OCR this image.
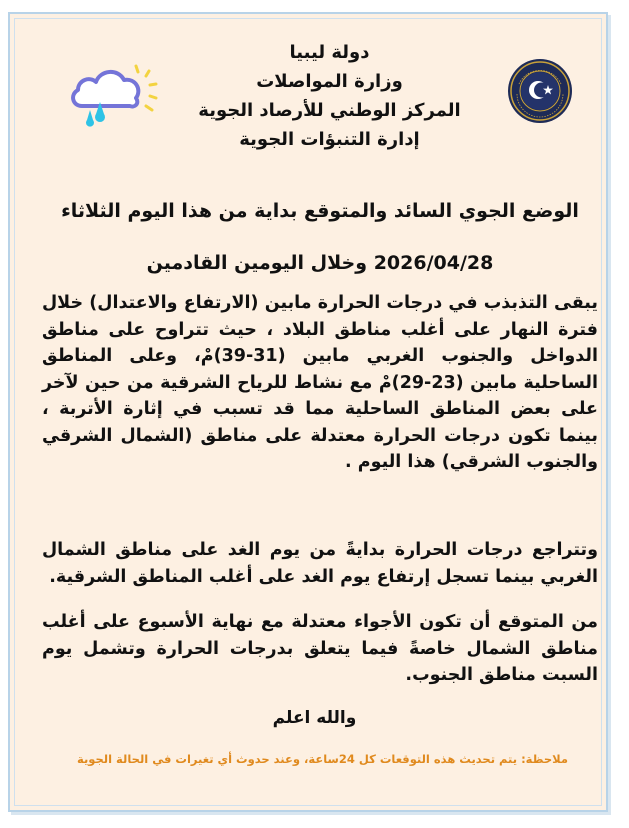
دولة ليبيا
وزارة المواصلات
المركز الوطني للأرصاد الجوية
إدارة التنبؤات الجوية
الوضع الجوي السائد والمتوقع بداية من هذا اليوم الثلاثاء
2026/04/28 وخلال اليومين القادمين
يبقى التذبذب في درجات الحرارة مابين (الارتفاع والاعتدال) خلال فترة النهار على أغلب مناطق البلاد ، حيث تتراوح على مناطق الدواخل والجنوب الغربي مابين (31-39)مْ، وعلى المناطق الساحلية مابين (23-29)مْ مع نشاط للرياح الشرقية من حين لآخر على بعض المناطق الساحلية مما قد تسبب في إثارة الأتربة ، بينما تكون درجات الحرارة معتدلة على مناطق (الشمال الشرقي والجنوب الشرقي) هذا اليوم .
وتتراجع درجات الحرارة بدايةً من يوم الغد على مناطق الشمال الغربي بينما تسجل إرتفاع يوم الغد على أغلب المناطق الشرقية.
من المتوقع أن تكون الأجواء معتدلة مع نهاية الأسبوع على أغلب مناطق الشمال خاصةً فيما يتعلق بدرجات الحرارة وتشمل يوم السبت مناطق الجنوب.
والله اعلم
ملاحظة: يتم تحديث هذه التوقعات كل 24ساعة، وعند حدوث أي تغيرات في الحالة الجوية
